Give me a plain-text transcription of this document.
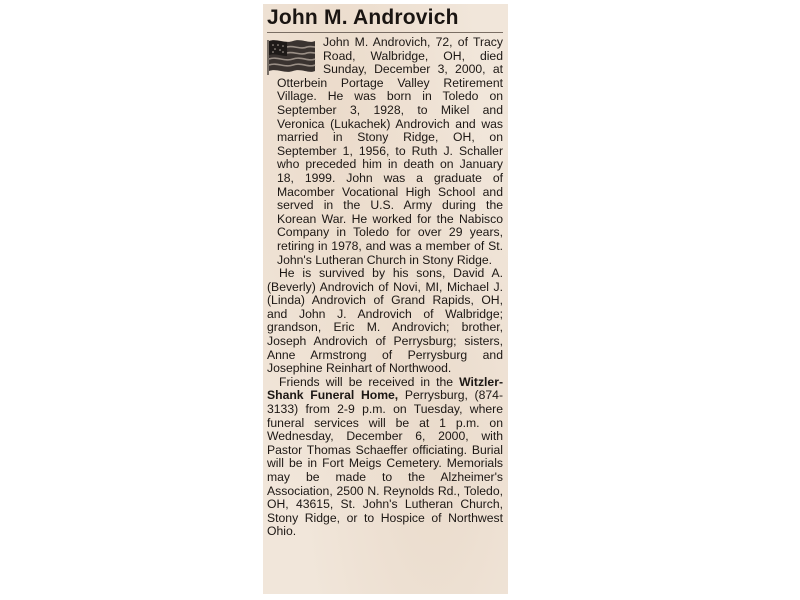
John M. Androvich

John M. Androvich, 72, of Tracy Road, Walbridge, OH, died Sunday, December 3, 2000, at Otterbein Portage Valley Retirement Village. He was born in Toledo on September 3, 1928, to Mikel and Veronica (Lukachek) Androvich and was married in Stony Ridge, OH, on September 1, 1956, to Ruth J. Schaller who preceded him in death on January 18, 1999. John was a graduate of Macomber Vocational High School and served in the U.S. Army during the Korean War. He worked for the Nabisco Company in Toledo for over 29 years, retiring in 1978, and was a member of St. John's Lutheran Church in Stony Ridge.

He is survived by his sons, David A. (Beverly) Androvich of Novi, MI, Michael J. (Linda) Androvich of Grand Rapids, OH, and John J. Androvich of Walbridge; grandson, Eric M. Androvich; brother, Joseph Androvich of Perrysburg; sisters, Anne Armstrong of Perrysburg and Josephine Reinhart of Northwood.

Friends will be received in the Witzler-Shank Funeral Home, Perrysburg, (874-3133) from 2-9 p.m. on Tuesday, where funeral services will be at 1 p.m. on Wednesday, December 6, 2000, with Pastor Thomas Schaeffer officiating. Burial will be in Fort Meigs Cemetery. Memorials may be made to the Alzheimer's Association, 2500 N. Reynolds Rd., Toledo, OH, 43615, St. John's Lutheran Church, Stony Ridge, or to Hospice of Northwest Ohio.
